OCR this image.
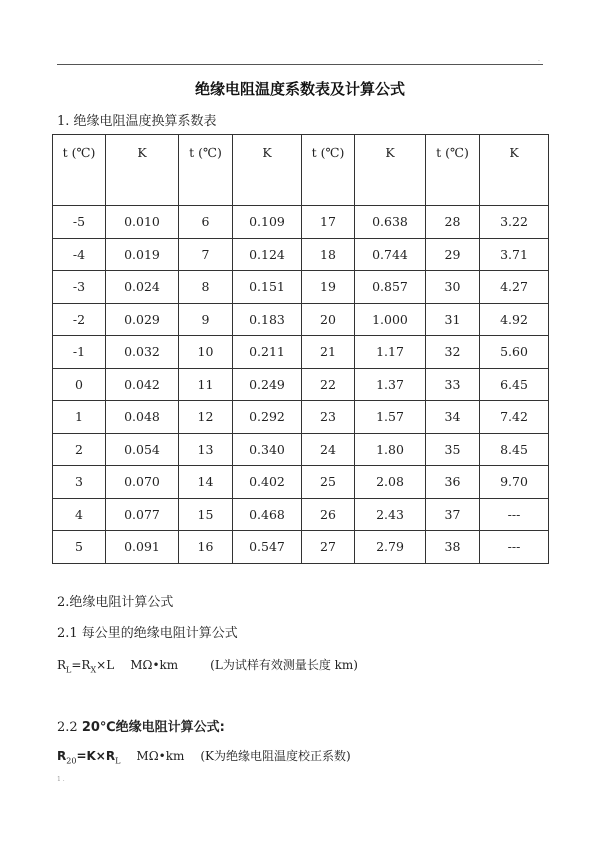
.
绝缘电阻温度系数表及计算公式
1. 绝缘电阻温度换算系数表
t (℃)	K	t (℃)	K	t (℃)	K	t (℃)	K
-5	0.010	6	0.109	17	0.638	28	3.22
-4	0.019	7	0.124	18	0.744	29	3.71
-3	0.024	8	0.151	19	0.857	30	4.27
-2	0.029	9	0.183	20	1.000	31	4.92
-1	0.032	10	0.211	21	1.17	32	5.60
0	0.042	11	0.249	22	1.37	33	6.45
1	0.048	12	0.292	23	1.57	34	7.42
2	0.054	13	0.340	24	1.80	35	8.45
3	0.070	14	0.402	25	2.08	36	9.70
4	0.077	15	0.468	26	2.43	37	---
5	0.091	16	0.547	27	2.79	38	---
2.绝缘电阻计算公式
2.1 每公里的绝缘电阻计算公式
$R_L=R_X\times L$ MΩ•km	(L为试样有效测量长度 km)
2.2 20℃绝缘电阻计算公式:
$R_{20}=K\times R_L$ MΩ•km (K为绝缘电阻温度校正系数)
1 .
